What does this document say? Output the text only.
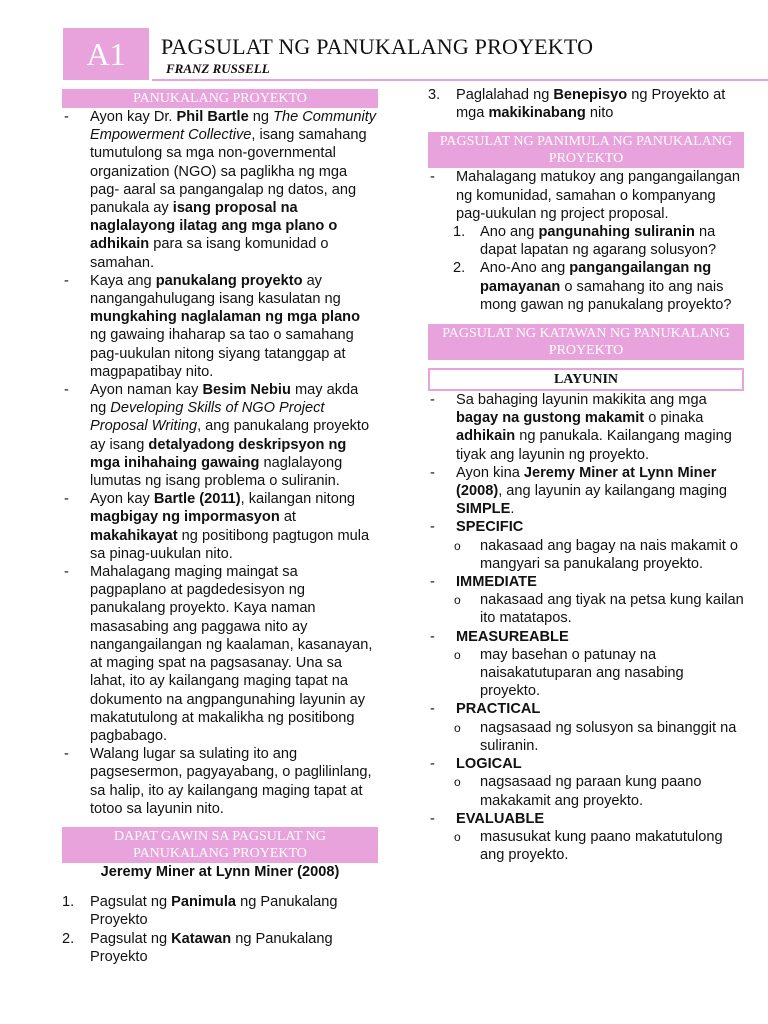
A1	PAGSULAT NG PANUKALANG PROYEKTO
FRANZ RUSSELL
PANUKALANG PROYEKTO

- Ayon kay Dr. Phil Bartle ng The Community Empowerment Collective, isang samahang tumutulong sa mga non-governmental organization (NGO) sa paglikha ng mga pag- aaral sa pangangalap ng datos, ang panukala ay isang proposal na naglalayong ilatag ang mga plano o adhikain para sa isang komunidad o samahan.

- Kaya ang panukalang proyekto ay nangangahulugang isang kasulatan ng mungkahing naglalaman ng mga plano ng gawaing ihaharap sa tao o samahang pag-uukulan nitong siyang tatanggap at magpapatibay nito.

- Ayon naman kay Besim Nebiu may akda ng Developing Skills of NGO Project Proposal Writing, ang panukalang proyekto ay isang detalyadong deskripsyon ng mga inihahaing gawaing naglalayong lumutas ng isang problema o suliranin.

- Ayon kay Bartle (2011), kailangan nitong magbigay ng impormasyon at makahikayat ng positibong pagtugon mula sa pinag-uukulan nito.

- Mahalagang maging maingat sa pagpaplano at pagdedesisyon ng panukalang proyekto. Kaya naman masasabing ang paggawa nito ay nangangailangan ng kaalaman, kasanayan, at maging spat na pagsasanay. Una sa lahat, ito ay kailangang maging tapat na dokumento na angpangunahing layunin ay makatutulong at makalikha ng positibong pagbabago.

- Walang lugar sa sulating ito ang pagsesermon, pagyayabang, o paglilinlang, sa halip, ito ay kailangang maging tapat at totoo sa layunin nito.

DAPAT GAWIN SA PAGSULAT NG PANUKALANG PROYEKTO

Jeremy Miner at Lynn Miner (2008)

1. Pagsulat ng Panimula ng Panukalang Proyekto

2. Pagsulat ng Katawan ng Panukalang Proyekto

3. Paglalahad ng Benepisyo ng Proyekto at mga makikinabang nito

PAGSULAT NG PANIMULA NG PANUKALANG PROYEKTO

- Mahalagang matukoy ang pangangailangan ng komunidad, samahan o kompanyang pag-uukulan ng project proposal.

1. Ano ang pangunahing suliranin na dapat lapatan ng agarang solusyon?

2. Ano-Ano ang pangangailangan ng pamayanan o samahang ito ang nais mong gawan ng panukalang proyekto?

PAGSULAT NG KATAWAN NG PANUKALANG PROYEKTO
LAYUNIN

- Sa bahaging layunin makikita ang mga bagay na gustong makamit o pinaka adhikain ng panukala. Kailangang maging tiyak ang layunin ng proyekto.

- Ayon kina Jeremy Miner at Lynn Miner (2008), ang layunin ay kailangang maging SIMPLE.

- SPECIFIC

o nakasaad ang bagay na nais makamit o mangyari sa panukalang proyekto.

- IMMEDIATE

o nakasaad ang tiyak na petsa kung kailan ito matatapos.

- MEASUREABLE

o may basehan o patunay na naisakatutuparan ang nasabing proyekto.

- PRACTICAL

o nagsasaad ng solusyon sa binanggit na suliranin.

- LOGICAL

o nagsasaad ng paraan kung paano makakamit ang proyekto.

- EVALUABLE

o masusukat kung paano makatutulong ang proyekto.
